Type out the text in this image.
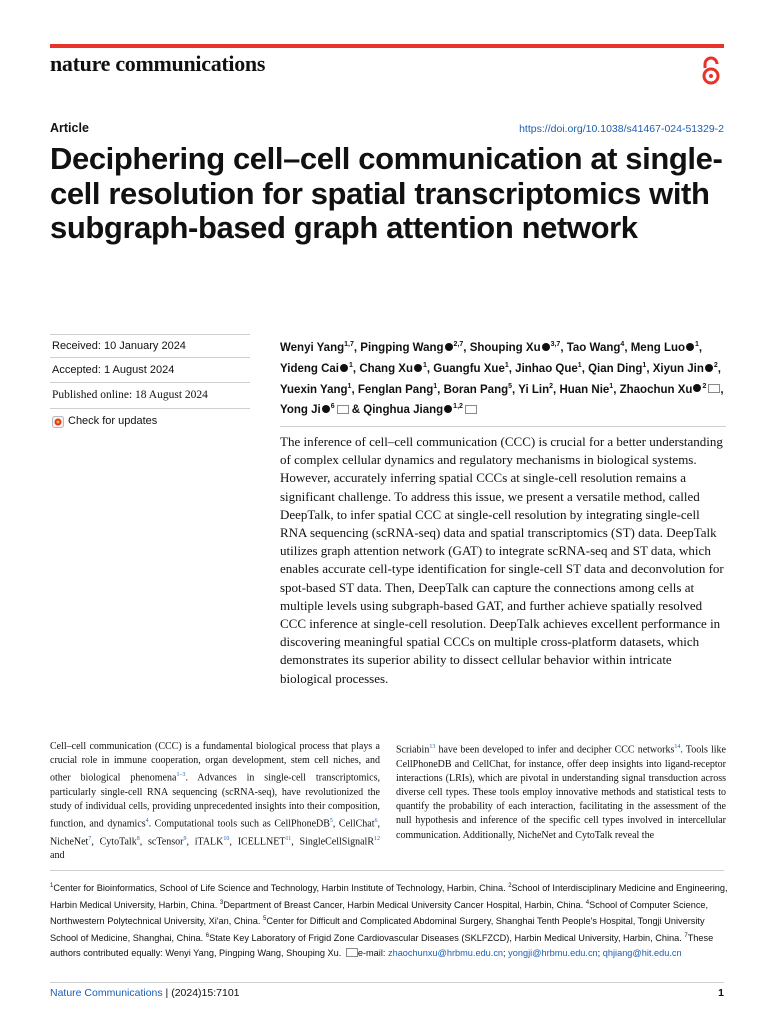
nature communications
Article	https://doi.org/10.1038/s41467-024-51329-2
Deciphering cell–cell communication at single-cell resolution for spatial transcriptomics with subgraph-based graph attention network
Received: 10 January 2024
Accepted: 1 August 2024
Published online: 18 August 2024
Check for updates

Wenyi Yang$^{1,7}$, Pingping Wang $^{2,7}$, Shouping Xu $^{3,7}$, Tao Wang$^4$, Meng Luo $^1$, Yideng Cai $^1$, Chang Xu $^1$, Guangfu Xue$^1$, Jinhao Que$^1$, Qian Ding$^1$, Xiyun Jin $^2$, Yuexin Yang$^1$, Fenglan Pang$^1$, Boran Pang$^5$, Yi Lin$^2$, Huan Nie$^1$, Zhaochun Xu $^2$ , Yong Ji $^6$ & Qinghua Jiang $^{1,2}$

The inference of cell–cell communication (CCC) is crucial for a better understanding of complex cellular dynamics and regulatory mechanisms in biological systems. However, accurately inferring spatial CCCs at single-cell resolution remains a significant challenge. To address this issue, we present a versatile method, called DeepTalk, to infer spatial CCC at single-cell resolution by integrating single-cell RNA sequencing (scRNA-seq) data and spatial transcriptomics (ST) data. DeepTalk utilizes graph attention network (GAT) to integrate scRNA-seq and ST data, which enables accurate cell-type identification for single-cell ST data and deconvolution for spot-based ST data. Then, DeepTalk can capture the connections among cells at multiple levels using subgraph-based GAT, and further achieve spatially resolved CCC inference at single-cell resolution. DeepTalk achieves excellent performance in discovering meaningful spatial CCCs on multiple cross-platform datasets, which demonstrates its superior ability to dissect cellular behavior within intricate biological processes.

Cell–cell communication (CCC) is a fundamental biological process that plays a crucial role in immune cooperation, organ development, stem cell niches, and other biological phenomena$^{1-3}$. Advances in single-cell transcriptomics, particularly single-cell RNA sequencing (scRNA-seq), have revolutionized the study of individual cells, providing unprecedented insights into their composition, function, and dynamics$^4$. Computational tools such as CellPhoneDB$^5$, CellChat$^6$, NicheNet$^7$, CytoTalk$^8$, scTensor$^9$, iTALK$^{10}$, ICELLNET$^{11}$, SingleCellSignalR$^{12}$ and

Scriabin$^{13}$ have been developed to infer and decipher CCC networks$^{14}$. Tools like CellPhoneDB and CellChat, for instance, offer deep insights into ligand-receptor interactions (LRIs), which are pivotal in understanding signal transduction across diverse cell types. These tools employ innovative methods and statistical tests to quantify the probability of each interaction, facilitating in the assessment of the null hypothesis and inference of the specific cell types involved in intercellular communication. Additionally, NicheNet and CytoTalk reveal the

$^1$Center for Bioinformatics, School of Life Science and Technology, Harbin Institute of Technology, Harbin, China. $^2$School of Interdisciplinary Medicine and Engineering, Harbin Medical University, Harbin, China. $^3$Department of Breast Cancer, Harbin Medical University Cancer Hospital, Harbin, China. $^4$School of Computer Science, Northwestern Polytechnical University, Xi'an, China. $^5$Center for Difficult and Complicated Abdominal Surgery, Shanghai Tenth People's Hospital, Tongji University School of Medicine, Shanghai, China. $^6$State Key Laboratory of Frigid Zone Cardiovascular Diseases (SKLFZCD), Harbin Medical University, Harbin, China. $^7$These authors contributed equally: Wenyi Yang, Pingping Wang, Shouping Xu. e-mail: zhaochunxu@hrbmu.edu.cn; yongji@hrbmu.edu.cn; qhjiang@hit.edu.cn

Nature Communications | (2024)15:7101	1
